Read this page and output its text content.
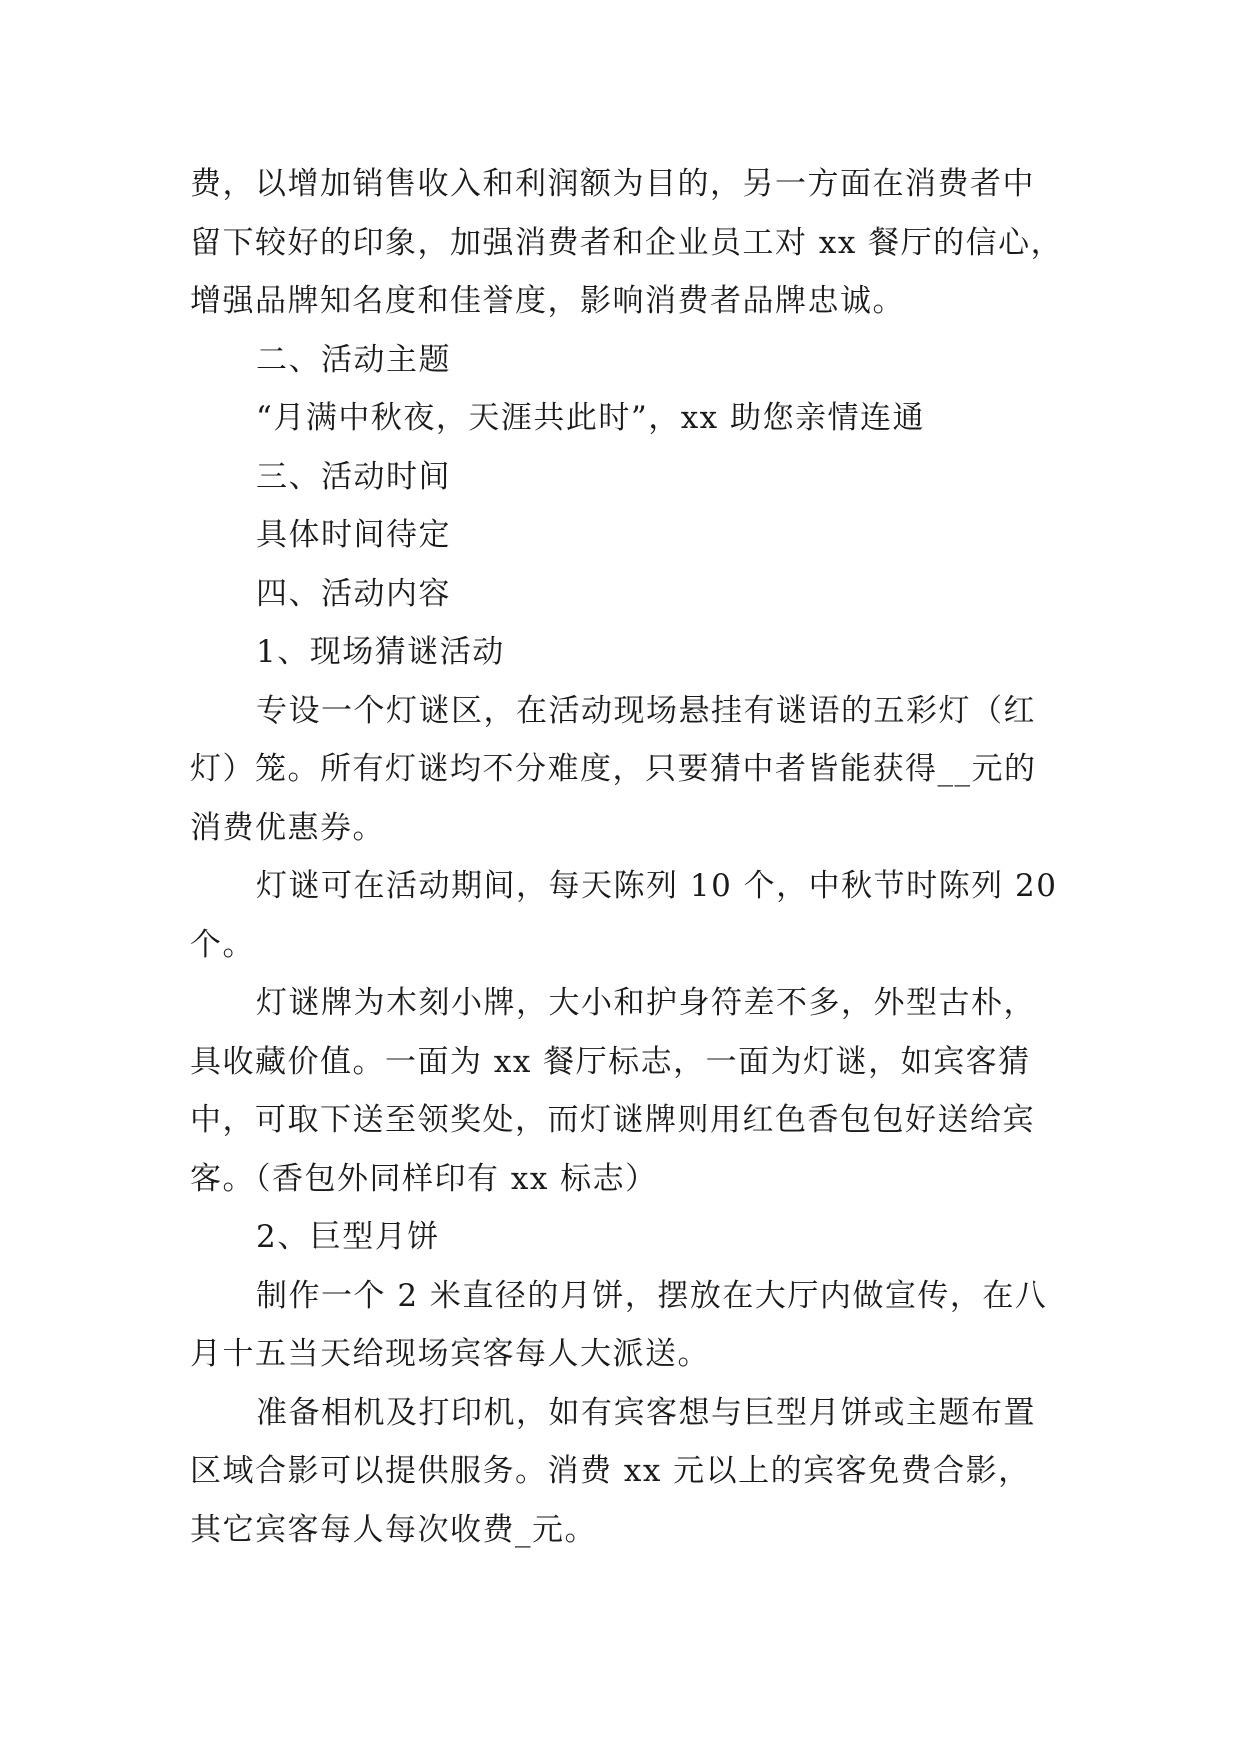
费，以增加销售收入和利润额为目的，另一方面在消费者中
留下较好的印象，加强消费者和企业员工对 xx 餐厅的信心，
增强品牌知名度和佳誉度，影响消费者品牌忠诚。
二、活动主题
“月满中秋夜，天涯共此时”，xx 助您亲情连通
三、活动时间
具体时间待定
四、活动内容
1、现场猜谜活动
专设一个灯谜区，在活动现场悬挂有谜语的五彩灯（红
灯）笼。所有灯谜均不分难度，只要猜中者皆能获得__元的
消费优惠券。
灯谜可在活动期间，每天陈列 10 个，中秋节时陈列 20
个。
灯谜牌为木刻小牌，大小和护身符差不多，外型古朴，
具收藏价值。一面为 xx 餐厅标志，一面为灯谜，如宾客猜
中，可取下送至领奖处，而灯谜牌则用红色香包包好送给宾
客。（香包外同样印有 xx 标志）
2、巨型月饼
制作一个 2 米直径的月饼，摆放在大厅内做宣传，在八
月十五当天给现场宾客每人大派送。
准备相机及打印机，如有宾客想与巨型月饼或主题布置
区域合影可以提供服务。消费 xx 元以上的宾客免费合影，
其它宾客每人每次收费_元。
